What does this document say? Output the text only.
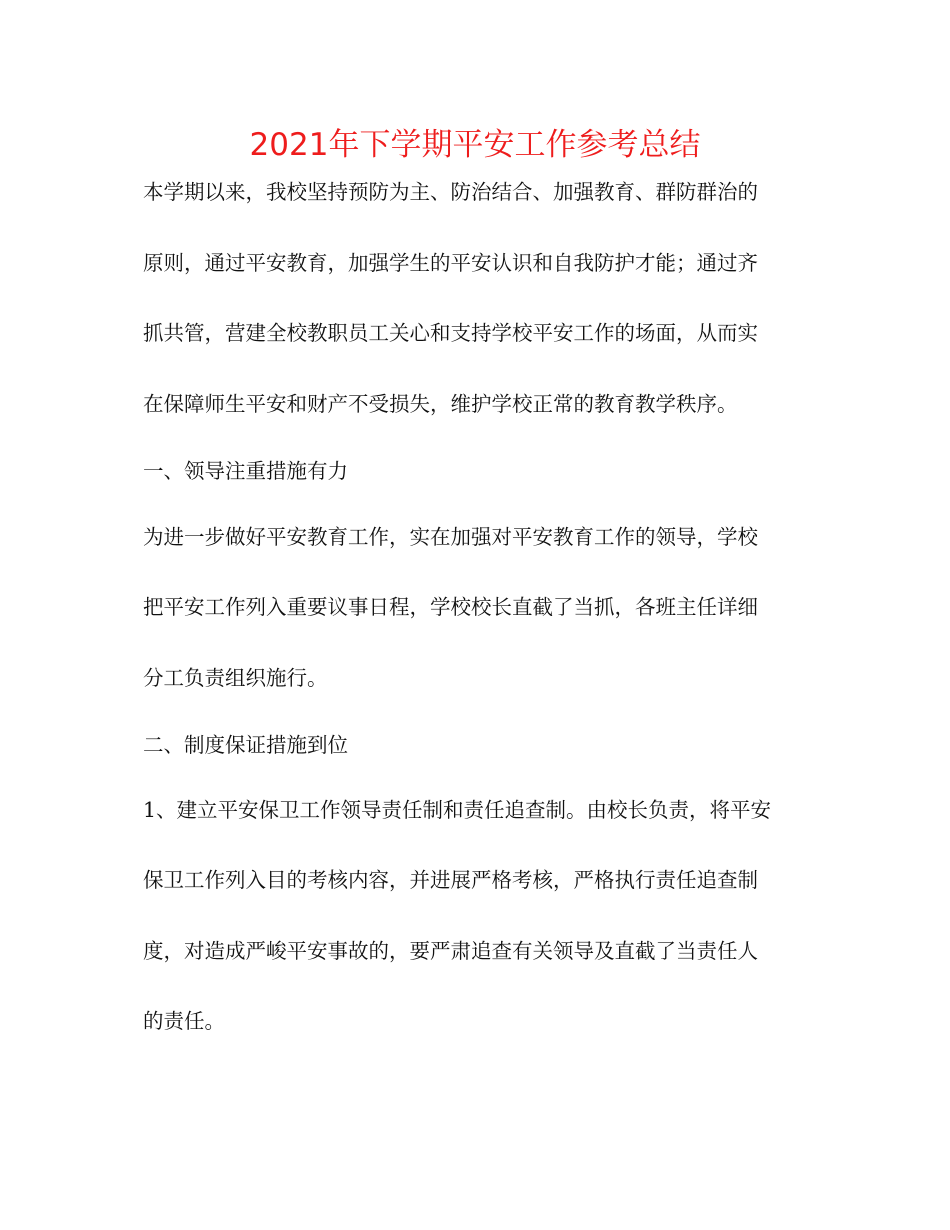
2021年下学期平安工作参考总结
本学期以来，我校坚持预防为主、防治结合、加强教育、群防群治的
原则，通过平安教育，加强学生的平安认识和自我防护才能；通过齐
抓共管，营建全校教职员工关心和支持学校平安工作的场面，从而实
在保障师生平安和财产不受损失，维护学校正常的教育教学秩序。
一、领导注重措施有力
为进一步做好平安教育工作，实在加强对平安教育工作的领导，学校
把平安工作列入重要议事日程，学校校长直截了当抓，各班主任详细
分工负责组织施行。
二、制度保证措施到位
1、建立平安保卫工作领导责任制和责任追查制。由校长负责，将平安
保卫工作列入目的考核内容，并进展严格考核，严格执行责任追查制
度，对造成严峻平安事故的，要严肃追查有关领导及直截了当责任人
的责任。
